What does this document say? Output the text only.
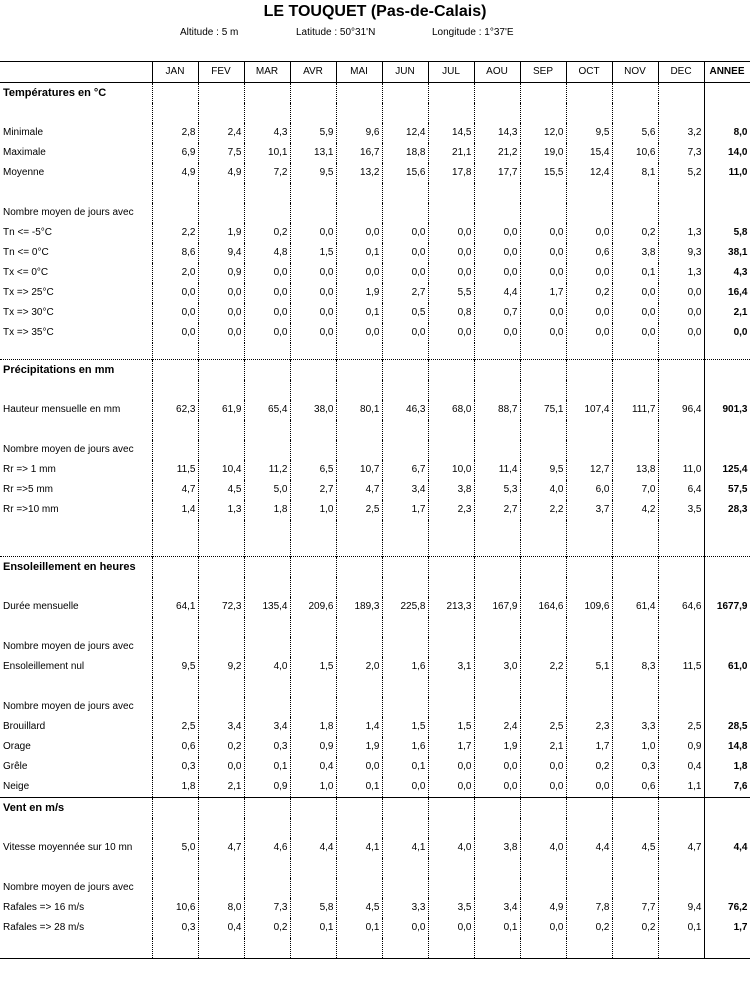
LE TOUQUET (Pas-de-Calais)
Altitude : 5 m	Latitude : 50°31'N	Longitude : 1°37'E
	JAN	FEV	MAR	AVR	MAI	JUN	JUL	AOU	SEP	OCT	NOV	DEC	ANNEE
Températures en °C													

Minimale	2,8	2,4	4,3	5,9	9,6	12,4	14,5	14,3	12,0	9,5	5,6	3,2	8,0
Maximale	6,9	7,5	10,1	13,1	16,7	18,8	21,1	21,2	19,0	15,4	10,6	7,3	14,0
Moyenne	4,9	4,9	7,2	9,5	13,2	15,6	17,8	17,7	15,5	12,4	8,1	5,2	11,0

Nombre moyen de jours avec													
Tn <= -5°C	2,2	1,9	0,2	0,0	0,0	0,0	0,0	0,0	0,0	0,0	0,2	1,3	5,8
Tn <= 0°C	8,6	9,4	4,8	1,5	0,1	0,0	0,0	0,0	0,0	0,6	3,8	9,3	38,1
Tx <= 0°C	2,0	0,9	0,0	0,0	0,0	0,0	0,0	0,0	0,0	0,0	0,1	1,3	4,3
Tx => 25°C	0,0	0,0	0,0	0,0	1,9	2,7	5,5	4,4	1,7	0,2	0,0	0,0	16,4
Tx => 30°C	0,0	0,0	0,0	0,0	0,1	0,5	0,8	0,7	0,0	0,0	0,0	0,0	2,1
Tx => 35°C	0,0	0,0	0,0	0,0	0,0	0,0	0,0	0,0	0,0	0,0	0,0	0,0	0,0

Précipitations en mm													

Hauteur mensuelle en mm	62,3	61,9	65,4	38,0	80,1	46,3	68,0	88,7	75,1	107,4	111,7	96,4	901,3

Nombre moyen de jours avec													
Rr => 1 mm	11,5	10,4	11,2	6,5	10,7	6,7	10,0	11,4	9,5	12,7	13,8	11,0	125,4
Rr =>5 mm	4,7	4,5	5,0	2,7	4,7	3,4	3,8	5,3	4,0	6,0	7,0	6,4	57,5
Rr =>10 mm	1,4	1,3	1,8	1,0	2,5	1,7	2,3	2,7	2,2	3,7	4,2	3,5	28,3

Ensoleillement en heures													

Durée mensuelle	64,1	72,3	135,4	209,6	189,3	225,8	213,3	167,9	164,6	109,6	61,4	64,6	1677,9

Nombre moyen de jours avec													
Ensoleillement nul	9,5	9,2	4,0	1,5	2,0	1,6	3,1	3,0	2,2	5,1	8,3	11,5	61,0

Nombre moyen de jours avec													
Brouillard	2,5	3,4	3,4	1,8	1,4	1,5	1,5	2,4	2,5	2,3	3,3	2,5	28,5
Orage	0,6	0,2	0,3	0,9	1,9	1,6	1,7	1,9	2,1	1,7	1,0	0,9	14,8
Grêle	0,3	0,0	0,1	0,4	0,0	0,1	0,0	0,0	0,0	0,2	0,3	0,4	1,8
Neige	1,8	2,1	0,9	1,0	0,1	0,0	0,0	0,0	0,0	0,0	0,6	1,1	7,6
Vent en m/s													

Vitesse moyennée sur 10 mn	5,0	4,7	4,6	4,4	4,1	4,1	4,0	3,8	4,0	4,4	4,5	4,7	4,4

Nombre moyen de jours avec													
Rafales => 16 m/s	10,6	8,0	7,3	5,8	4,5	3,3	3,5	3,4	4,9	7,8	7,7	9,4	76,2
Rafales => 28 m/s	0,3	0,4	0,2	0,1	0,1	0,0	0,0	0,1	0,0	0,2	0,2	0,1	1,7
